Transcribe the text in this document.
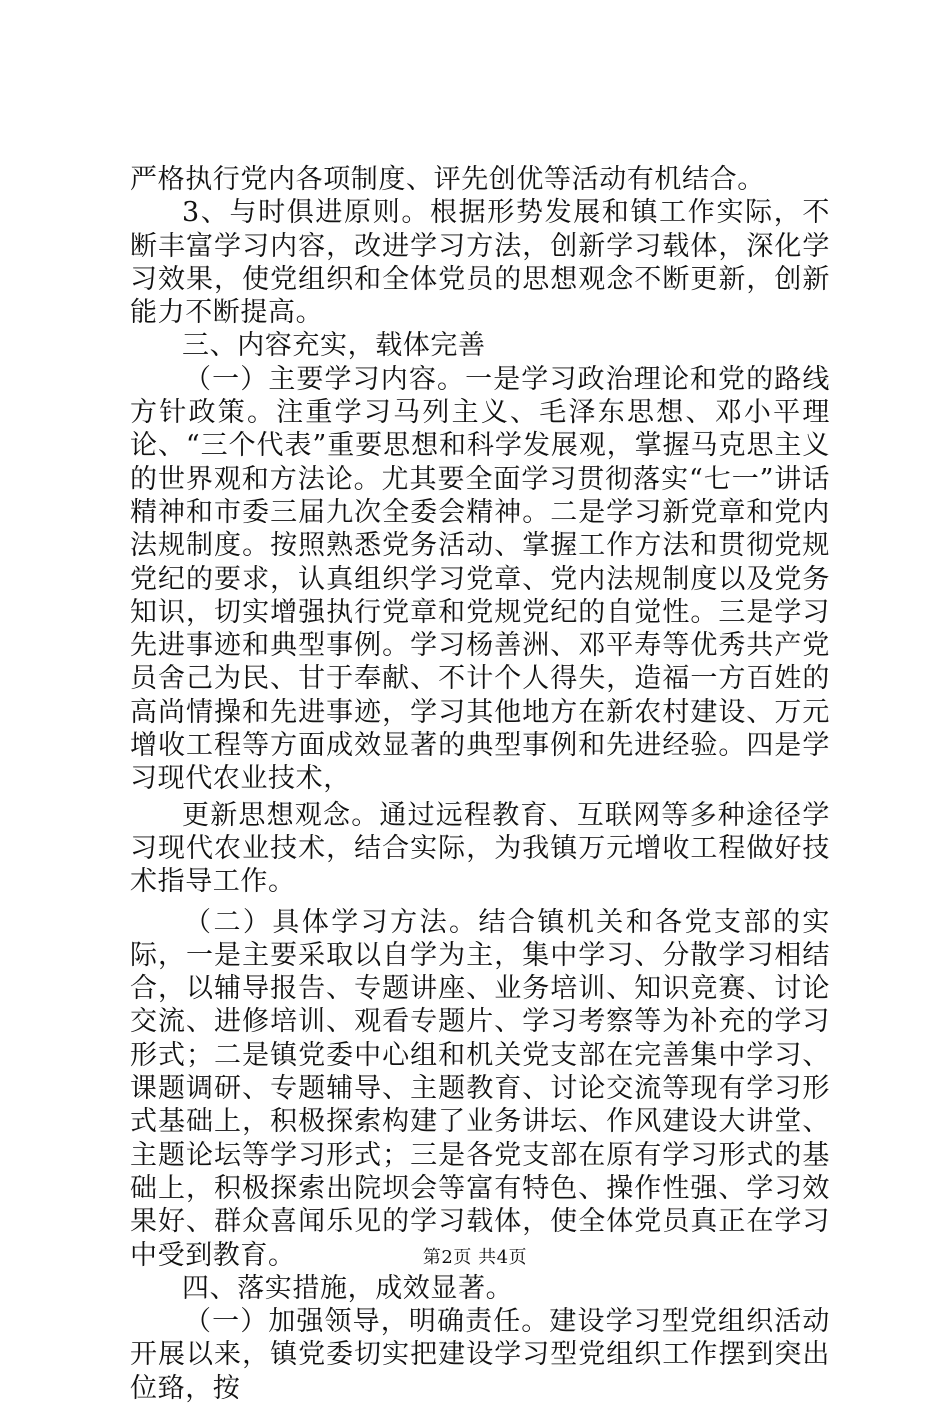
严格执行党内各项制度、评先创优等活动有机结合。

3、与时俱进原则。根据形势发展和镇工作实际，不断丰富学习内容，改进学习方法，创新学习载体，深化学习效果，使党组织和全体党员的思想观念不断更新，创新能力不断提高。

三、内容充实，载体完善

（一）主要学习内容。一是学习政治理论和党的路线方针政策。注重学习马列主义、毛泽东思想、邓小平理论、“三个代表”重要思想和科学发展观，掌握马克思主义的世界观和方法论。尤其要全面学习贯彻落实“七一”讲话精神和市委三届九次全委会精神。二是学习新党章和党内法规制度。按照熟悉党务活动、掌握工作方法和贯彻党规党纪的要求，认真组织学习党章、党内法规制度以及党务知识，切实增强执行党章和党规党纪的自觉性。三是学习先进事迹和典型事例。学习杨善洲、邓平寿等优秀共产党员舍己为民、甘于奉献、不计个人得失，造福一方百姓的高尚情操和先进事迹，学习其他地方在新农村建设、万元增收工程等方面成效显著的典型事例和先进经验。四是学习现代农业技术，

更新思想观念。通过远程教育、互联网等多种途径学习现代农业技术，结合实际，为我镇万元增收工程做好技术指导工作。

（二）具体学习方法。结合镇机关和各党支部的实际，一是主要采取以自学为主，集中学习、分散学习相结合，以辅导报告、专题讲座、业务培训、知识竞赛、讨论交流、进修培训、观看专题片、学习考察等为补充的学习形式；二是镇党委中心组和机关党支部在完善集中学习、课题调研、专题辅导、主题教育、讨论交流等现有学习形式基础上，积极探索构建了业务讲坛、作风建设大讲堂、主题论坛等学习形式；三是各党支部在原有学习形式的基础上，积极探索出院坝会等富有特色、操作性强、学习效果好、群众喜闻乐见的学习载体，使全体党员真正在学习中受到教育。

四、落实措施，成效显著。

（一）加强领导，明确责任。建设学习型党组织活动开展以来，镇党委切实把建设学习型党组织工作摆到突出位臵，按

第2页 共4页
